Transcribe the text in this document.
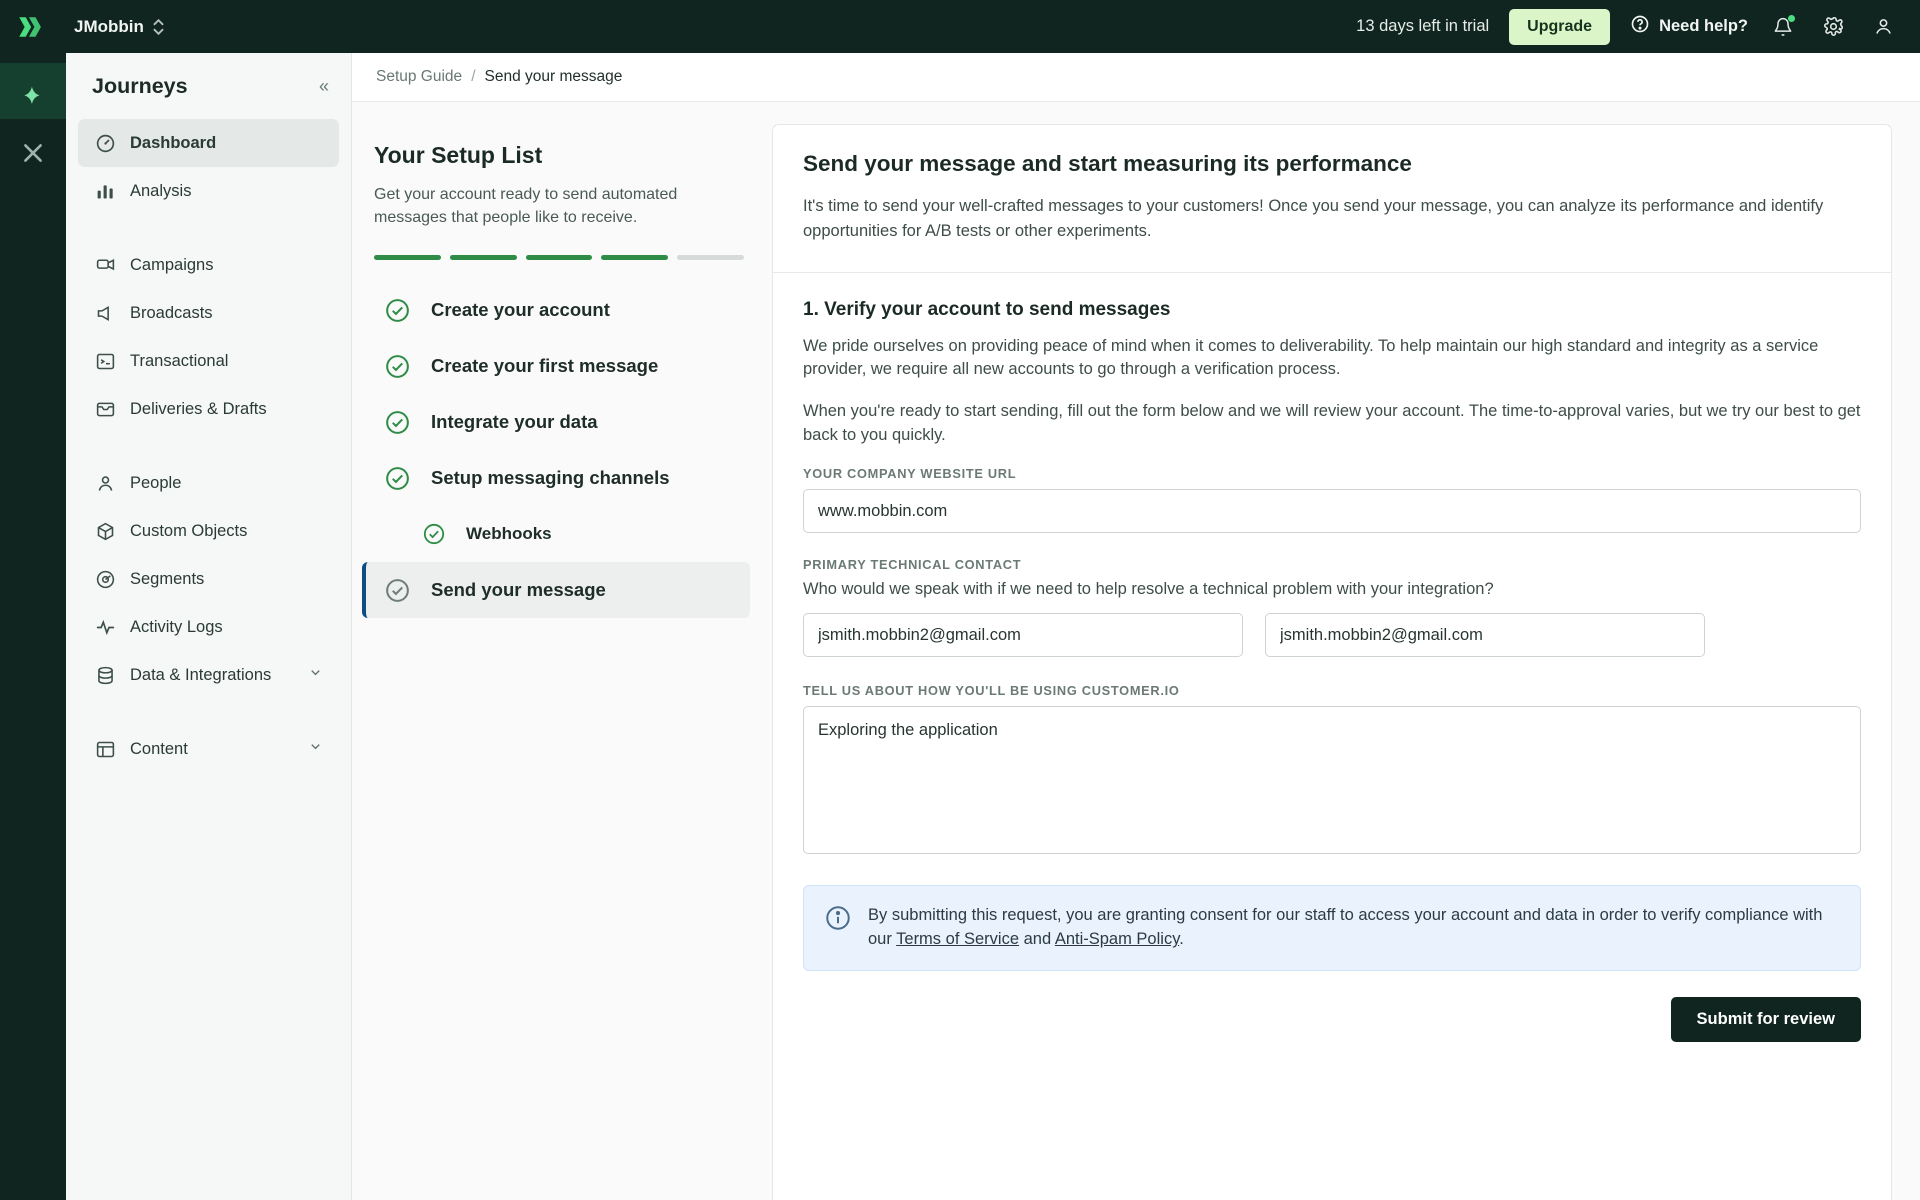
JMobbin	13 days left in trial	Upgrade	Need help?
Journeys	«
Dashboard
Analysis
Campaigns
Broadcasts
Transactional
Deliveries & Drafts
People
Custom Objects
Segments
Activity Logs
Data & Integrations
Content
Setup Guide / Send your message
Your Setup List
Get your account ready to send automated messages that people like to receive.
Create your account
Create your first message
Integrate your data
Setup messaging channels
Webhooks
Send your message
Send your message and start measuring its performance
It's time to send your well-crafted messages to your customers! Once you send your message, you can analyze its performance and identify opportunities for A/B tests or other experiments.
1. Verify your account to send messages
We pride ourselves on providing peace of mind when it comes to deliverability. To help maintain our high standard and integrity as a service provider, we require all new accounts to go through a verification process.
When you're ready to start sending, fill out the form below and we will review your account. The time-to-approval varies, but we try our best to get back to you quickly.
YOUR COMPANY WEBSITE URL
www.mobbin.com
PRIMARY TECHNICAL CONTACT
Who would we speak with if we need to help resolve a technical problem with your integration?
jsmith.mobbin2@gmail.com
jsmith.mobbin2@gmail.com
TELL US ABOUT HOW YOU'LL BE USING CUSTOMER.IO
Exploring the application
By submitting this request, you are granting consent for our staff to access your account and data in order to verify compliance with our Terms of Service and Anti-Spam Policy.
Submit for review
